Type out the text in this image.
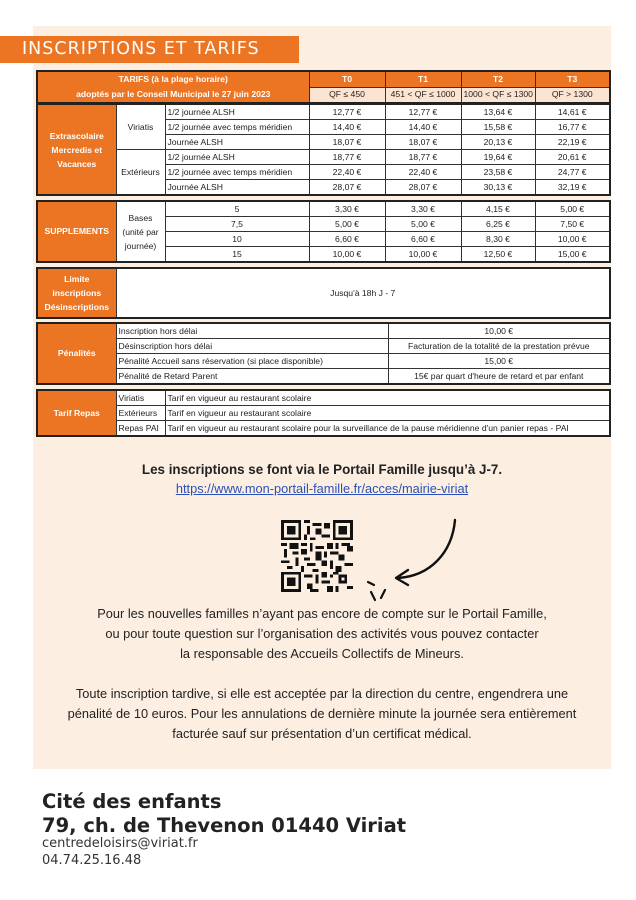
INSCRIPTIONS ET TARIFS
TARIFS (à la plage horaire)
adoptés par le Conseil Municipal le 27 juin 2023	T0	T1	T2	T3
	QF ≤ 450	451 < QF ≤ 1000	1000 < QF ≤ 1300	QF > 1300
Extrascolaire Mercredis et Vacances	Viriatis	1/2 journée ALSH	12,77 €	12,77 €	13,64 €	14,61 €
		1/2 journée avec temps méridien	14,40 €	14,40 €	15,58 €	16,77 €
		Journée ALSH	18,07 €	18,07 €	20,13 €	22,19 €
	Extérieurs	1/2 journée ALSH	18,77 €	18,77 €	19,64 €	20,61 €
		1/2 journée avec temps méridien	22,40 €	22,40 €	23,58 €	24,77 €
		Journée ALSH	28,07 €	28,07 €	30,13 €	32,19 €
SUPPLEMENTS	Bases (unité par journée)	5	3,30 €	3,30 €	4,15 €	5,00 €
		7,5	5,00 €	5,00 €	6,25 €	7,50 €
		10	6,60 €	6,60 €	8,30 €	10,00 €
		15	10,00 €	10,00 €	12,50 €	15,00 €
Limite inscriptions Désinscriptions	Jusqu'à 18h J - 7
Pénalités	Inscription hors délai	10,00 €
	Désinscription hors délai	Facturation de la totalité de la prestation prévue
	Pénalité Accueil sans réservation (si place disponible)	15,00 €
	Pénalité de Retard Parent	15€ par quart d'heure de retard et par enfant
Tarif Repas	Viriatis	Tarif en vigueur au restaurant scolaire
	Extérieurs	Tarif en vigueur au restaurant scolaire
	Repas PAI	Tarif en vigueur au restaurant scolaire pour la surveillance de la pause méridienne d'un panier repas - PAI
Les inscriptions se font via le Portail Famille jusqu’à J-7.
https://www.mon-portail-famille.fr/acces/mairie-viriat
Pour les nouvelles familles n’ayant pas encore de compte sur le Portail Famille,
ou pour toute question sur l’organisation des activités vous pouvez contacter
la responsable des Accueils Collectifs de Mineurs.
Toute inscription tardive, si elle est acceptée par la direction du centre, engendrera une
pénalité de 10 euros. Pour les annulations de dernière minute la journée sera entièrement
facturée sauf sur présentation d’un certificat médical.
Cité des enfants
79, ch. de Thevenon 01440 Viriat
centredeloisirs@viriat.fr
04.74.25.16.48
